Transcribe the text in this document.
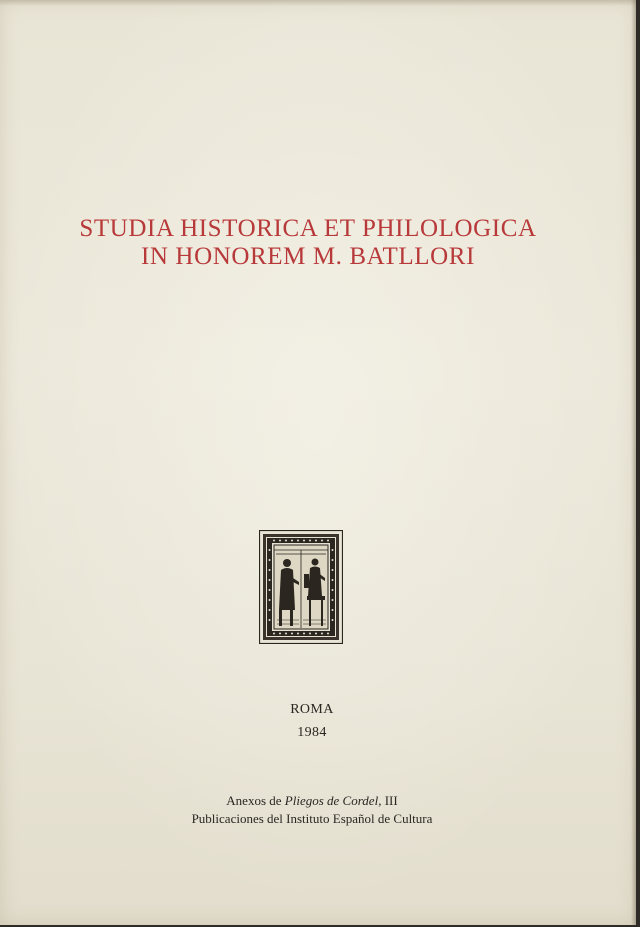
STUDIA HISTORICA ET PHILOLOGICA
IN HONOREM M. BATLLORI
ROMA
1984
Anexos de Pliegos de Cordel, III
Publicaciones del Instituto Español de Cultura
